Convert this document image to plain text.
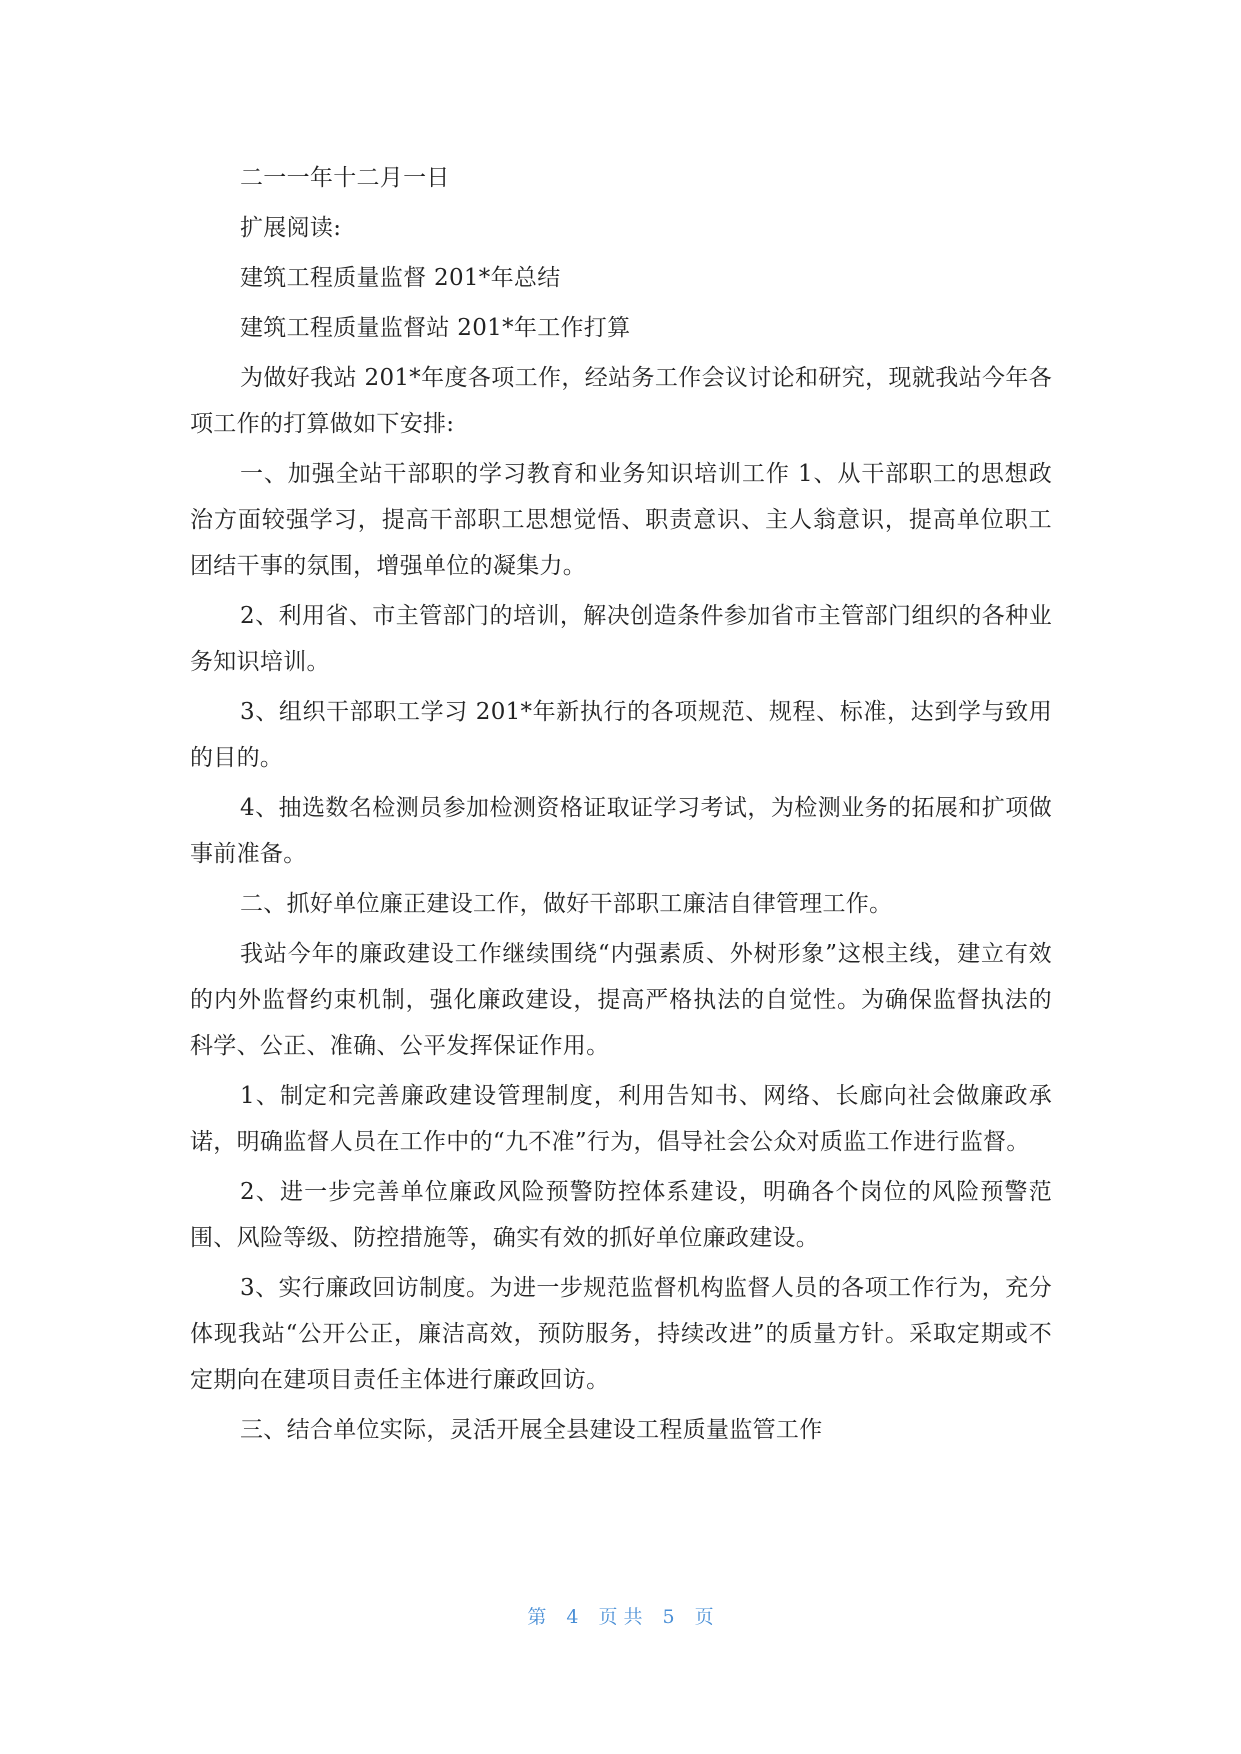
二一一年十二月一日

扩展阅读:

建筑工程质量监督 201*年总结

建筑工程质量监督站 201*年工作打算

为做好我站 201*年度各项工作，经站务工作会议讨论和研究，现就我站今年各项工作的打算做如下安排:

一、加强全站干部职的学习教育和业务知识培训工作 1、从干部职工的思想政治方面较强学习，提高干部职工思想觉悟、职责意识、主人翁意识，提高单位职工团结干事的氛围，增强单位的凝集力。

2、利用省、市主管部门的培训，解决创造条件参加省市主管部门组织的各种业务知识培训。

3、组织干部职工学习 201*年新执行的各项规范、规程、标准，达到学与致用的目的。

4、抽选数名检测员参加检测资格证取证学习考试，为检测业务的拓展和扩项做事前准备。

二、抓好单位廉正建设工作，做好干部职工廉洁自律管理工作。

我站今年的廉政建设工作继续围绕“内强素质、外树形象”这根主线，建立有效的内外监督约束机制，强化廉政建设，提高严格执法的自觉性。为确保监督执法的科学、公正、准确、公平发挥保证作用。

1、制定和完善廉政建设管理制度，利用告知书、网络、长廊向社会做廉政承诺，明确监督人员在工作中的“九不准”行为，倡导社会公众对质监工作进行监督。

2、进一步完善单位廉政风险预警防控体系建设，明确各个岗位的风险预警范围、风险等级、防控措施等，确实有效的抓好单位廉政建设。

3、实行廉政回访制度。为进一步规范监督机构监督人员的各项工作行为，充分体现我站“公开公正，廉洁高效，预防服务，持续改进”的质量方针。采取定期或不定期向在建项目责任主体进行廉政回访。

三、结合单位实际，灵活开展全县建设工程质量监管工作

第 4 页 共 5 页
